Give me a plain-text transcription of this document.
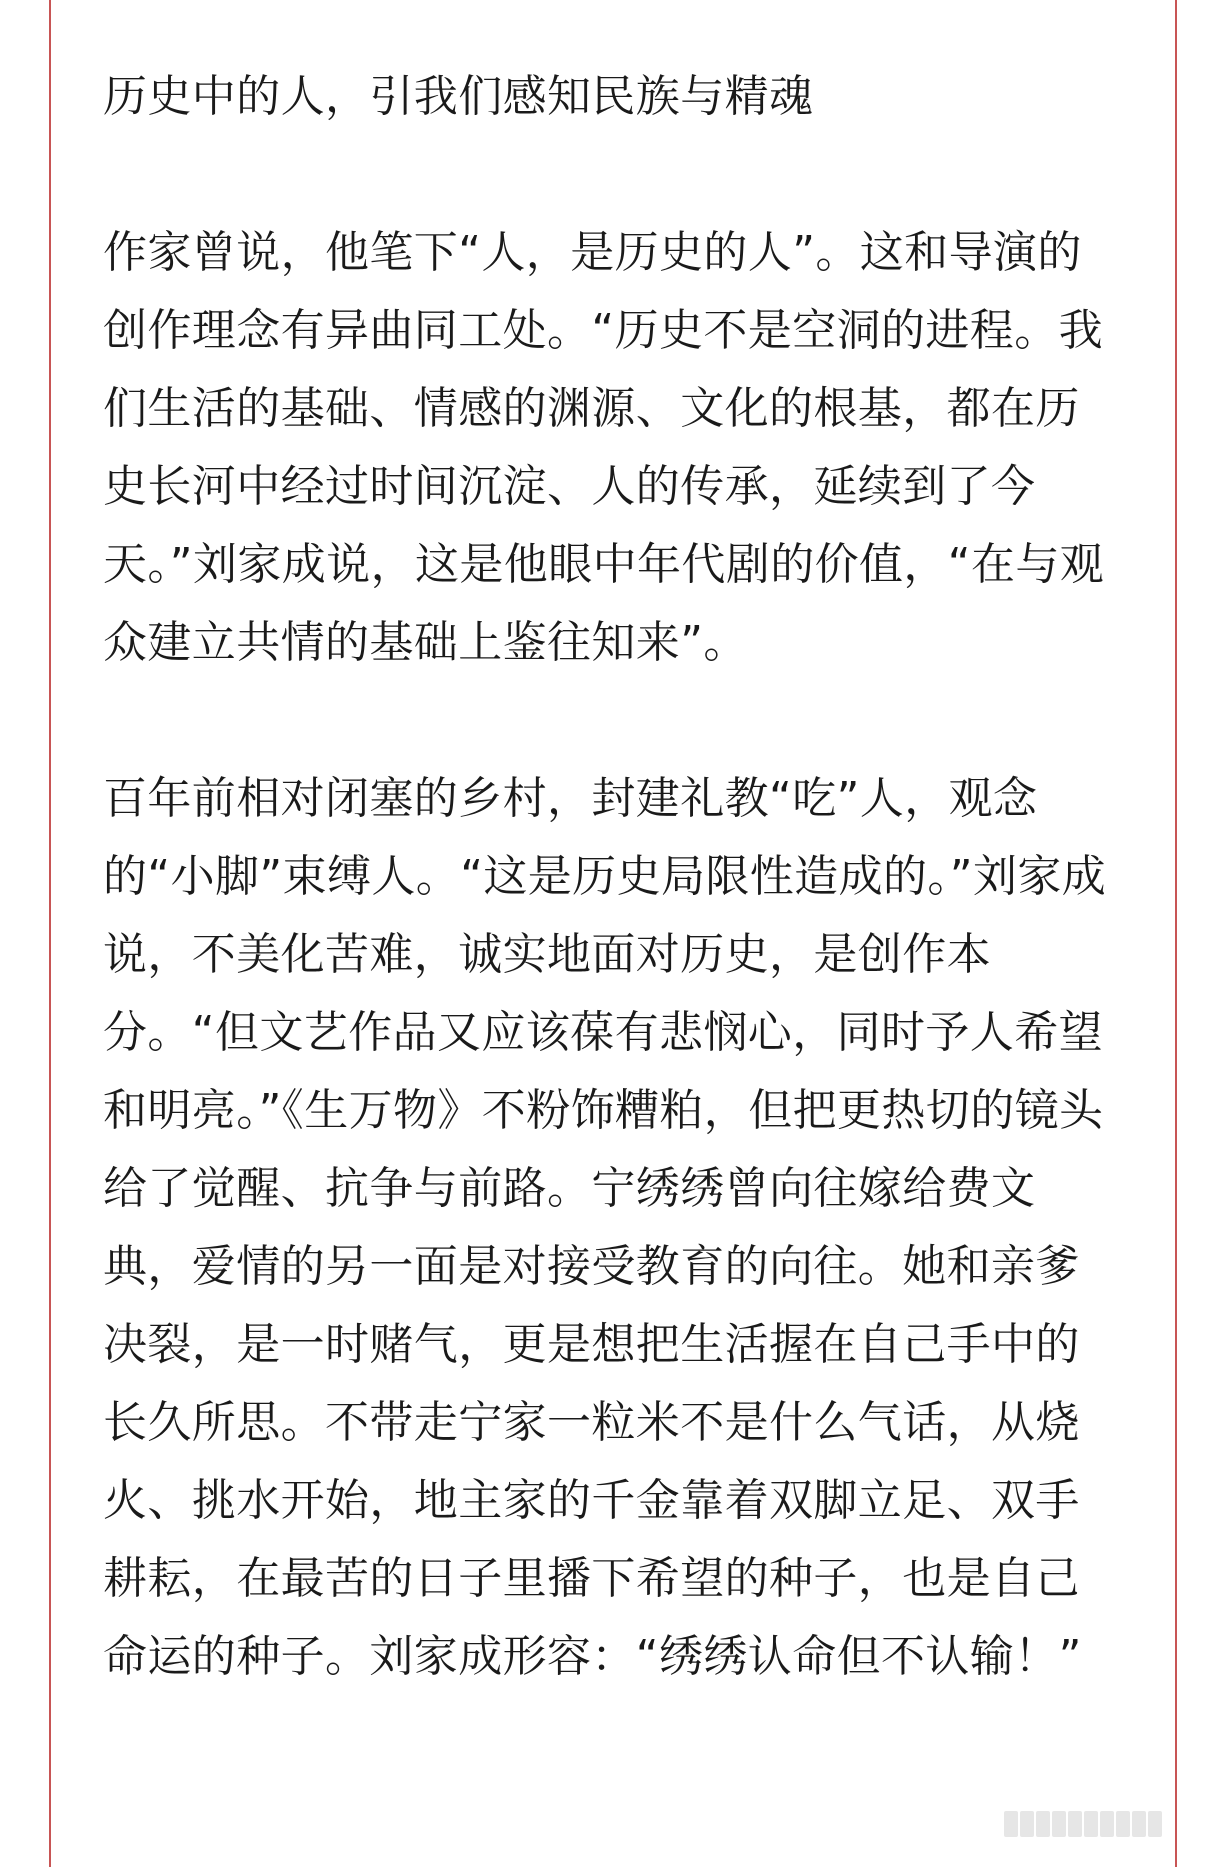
历史中的人，引我们感知民族与精魂

作家曾说，他笔下“人，是历史的人”。这和导演的创作理念有异曲同工处。“历史不是空洞的进程。我们生活的基础、情感的渊源、文化的根基，都在历史长河中经过时间沉淀、人的传承，延续到了今天。”刘家成说，这是他眼中年代剧的价值，“在与观众建立共情的基础上鉴往知来”。

百年前相对闭塞的乡村，封建礼教“吃”人，观念的“小脚”束缚人。“这是历史局限性造成的。”刘家成说，不美化苦难，诚实地面对历史，是创作本分。“但文艺作品又应该葆有悲悯心，同时予人希望和明亮。”《生万物》不粉饰糟粕，但把更热切的镜头给了觉醒、抗争与前路。宁绣绣曾向往嫁给费文典，爱情的另一面是对接受教育的向往。她和亲爹决裂，是一时赌气，更是想把生活握在自己手中的长久所思。不带走宁家一粒米不是什么气话，从烧火、挑水开始，地主家的千金靠着双脚立足、双手耕耘，在最苦的日子里播下希望的种子，也是自己命运的种子。刘家成形容：“绣绣认命但不认输！”
